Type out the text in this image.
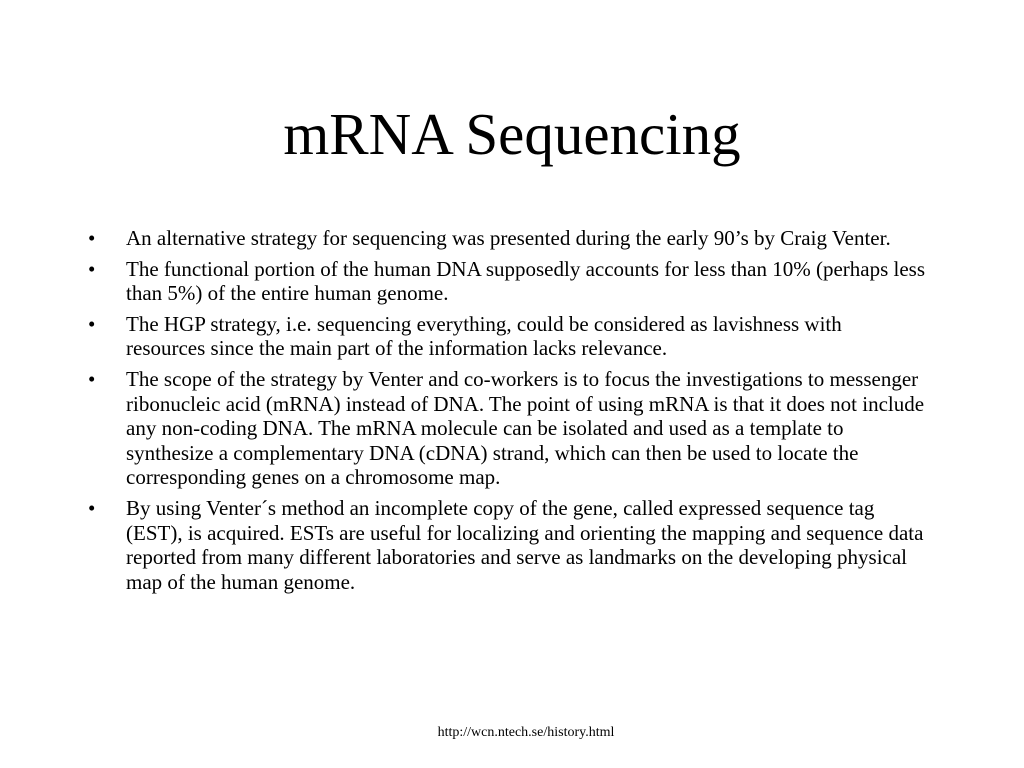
mRNA Sequencing
• An alternative strategy for sequencing was presented during the early 90’s by Craig Venter.
• The functional portion of the human DNA supposedly accounts for less than 10% (perhaps less than 5%) of the entire human genome.
• The HGP strategy, i.e. sequencing everything, could be considered as lavishness with resources since the main part of the information lacks relevance.
• The scope of the strategy by Venter and co-workers is to focus the investigations to messenger ribonucleic acid (mRNA) instead of DNA. The point of using mRNA is that it does not include any non-coding DNA. The mRNA molecule can be isolated and used as a template to synthesize a complementary DNA (cDNA) strand, which can then be used to locate the corresponding genes on a chromosome map.
• By using Venter´s method an incomplete copy of the gene, called expressed sequence tag (EST), is acquired. ESTs are useful for localizing and orienting the mapping and sequence data reported from many different laboratories and serve as landmarks on the developing physical map of the human genome.
http://wcn.ntech.se/history.html
